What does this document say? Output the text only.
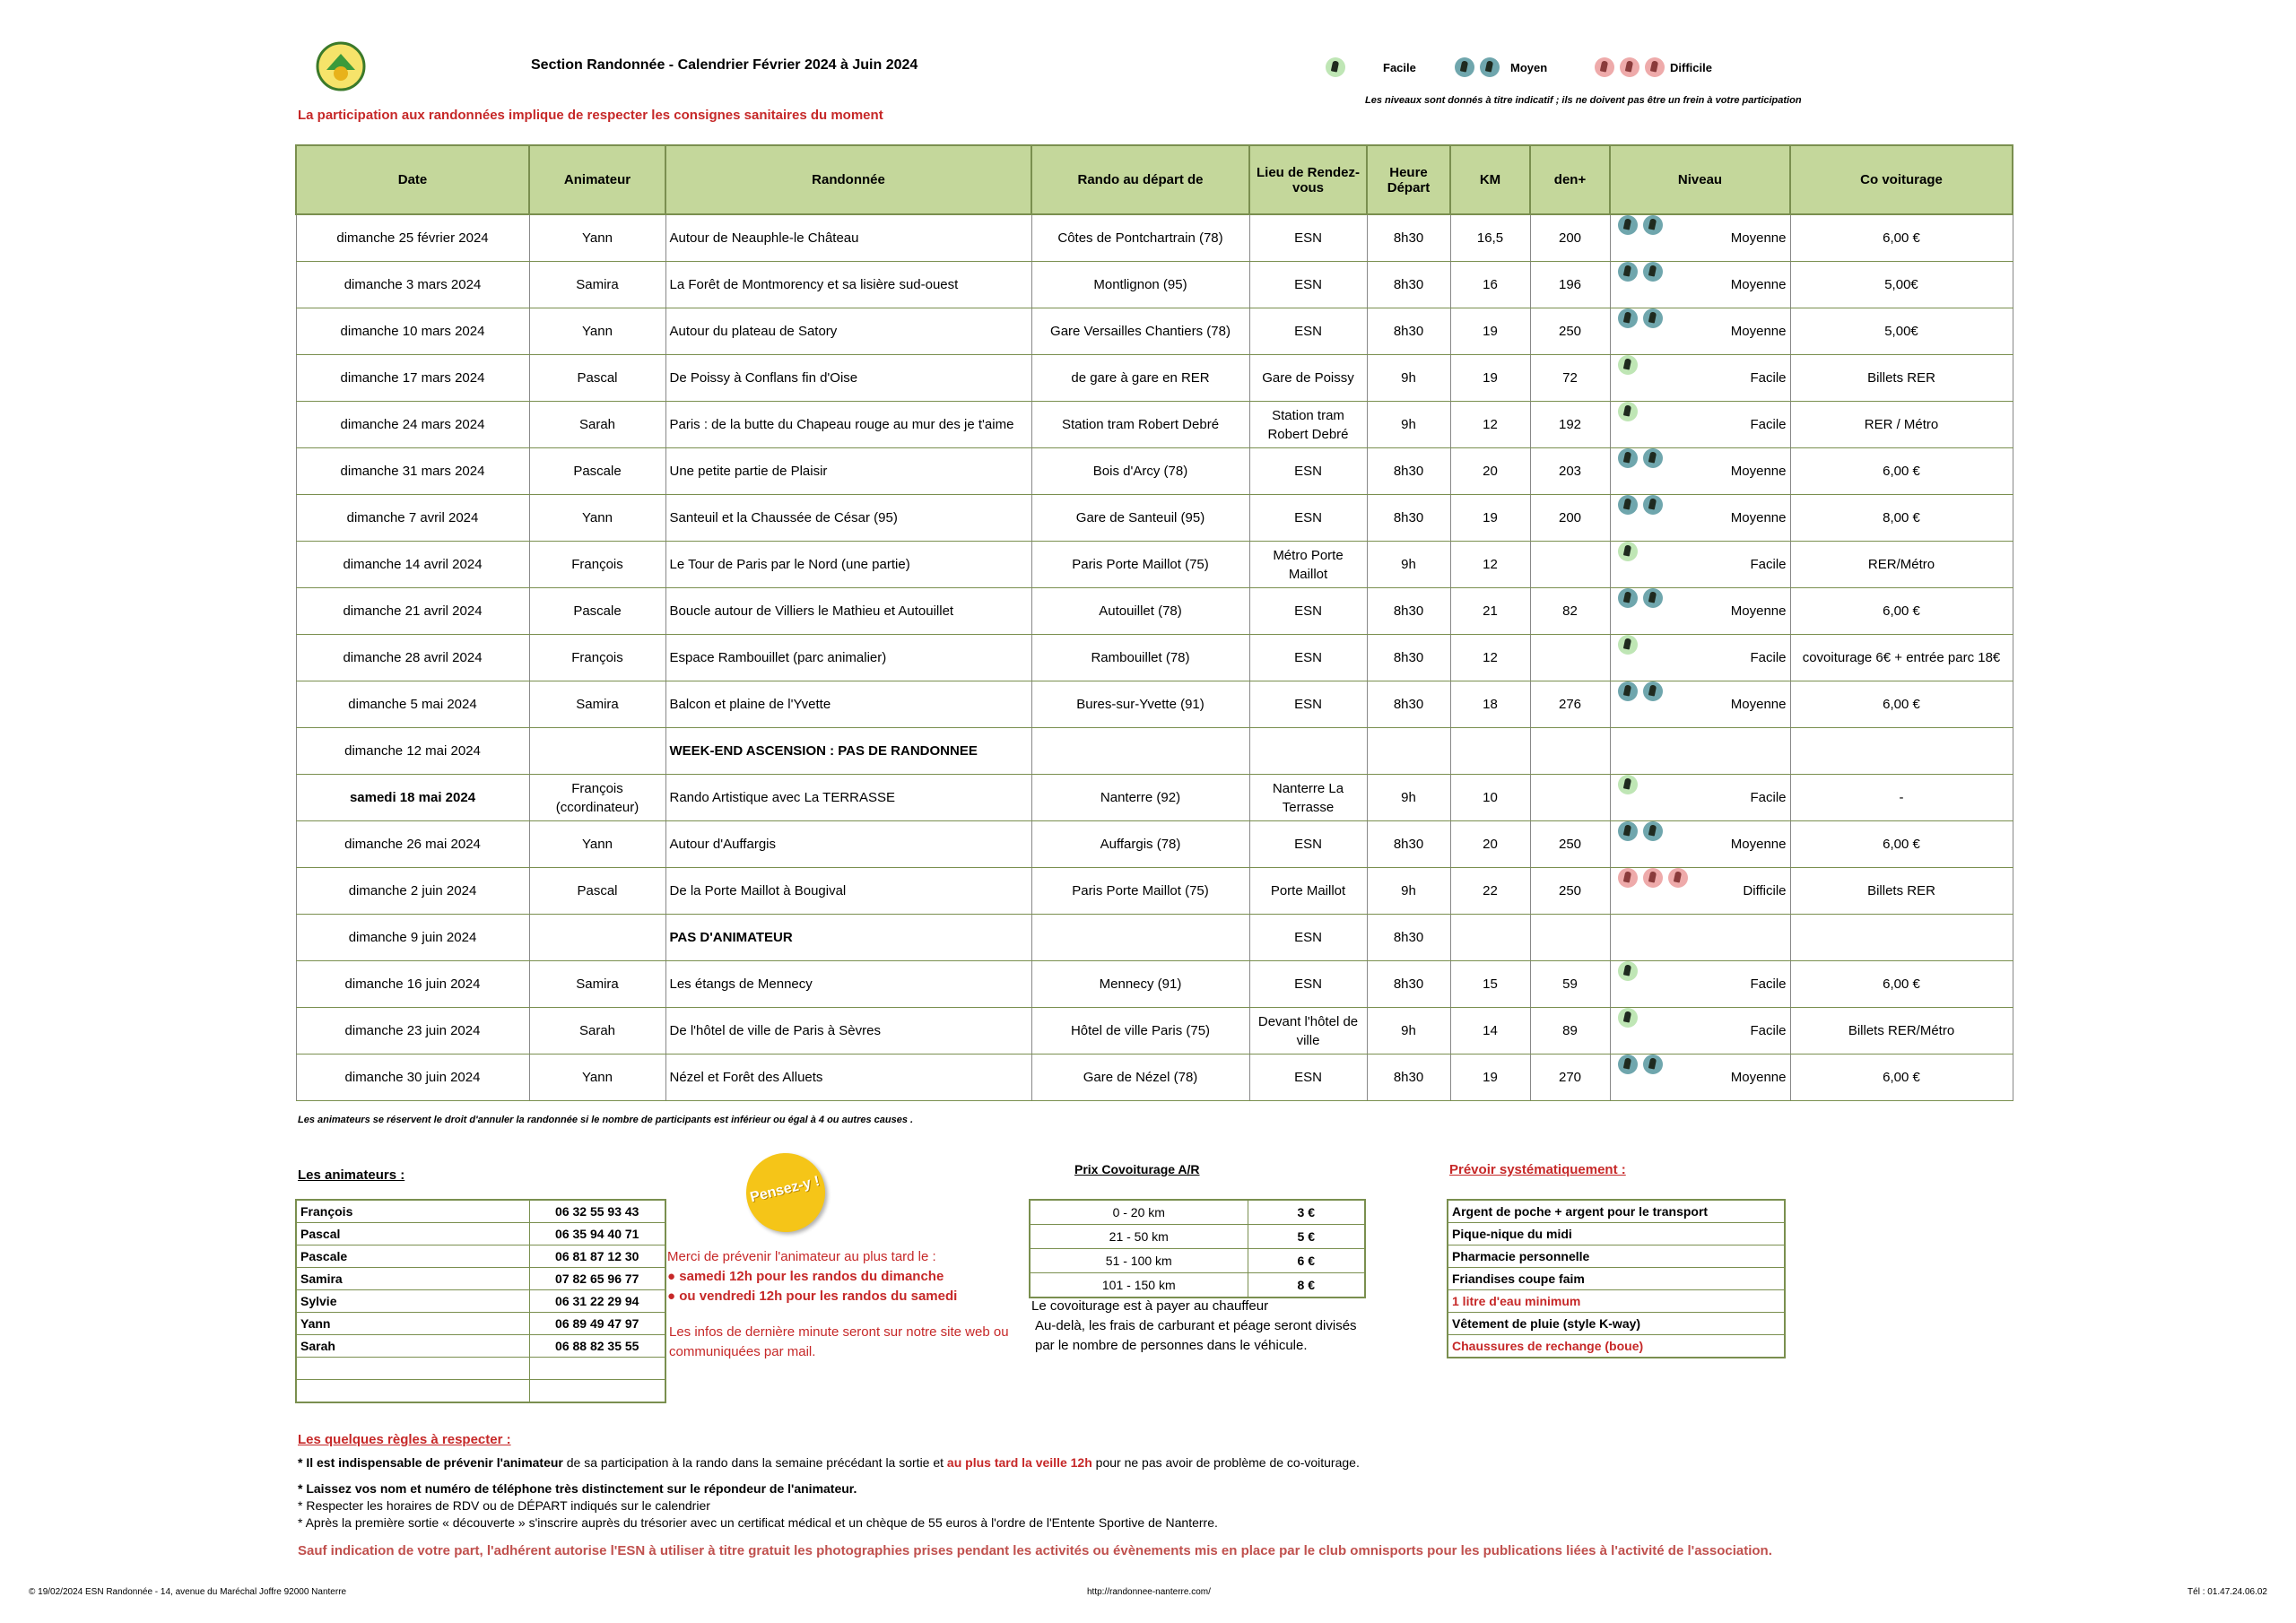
Section Randonnée - Calendrier Février 2024 à Juin 2024
La participation aux randonnées implique de respecter les consignes sanitaires du moment
Facile	Moyen	Difficile
Les niveaux sont donnés à titre indicatif ; ils ne doivent pas être un frein à votre participation
Date	Animateur	Randonnée	Rando au départ de	Lieu de Rendez-vous	Heure Départ	KM	den+	Niveau	Co voiturage
dimanche 25 février 2024	Yann	Autour de Neauphle-le Château	Côtes de Pontchartrain (78)	ESN	8h30	16,5	200	Moyenne	6,00 €
dimanche 3 mars 2024	Samira	La Forêt de Montmorency et sa lisière sud-ouest	Montlignon (95)	ESN	8h30	16	196	Moyenne	5,00€
dimanche 10 mars 2024	Yann	Autour du plateau de Satory	Gare Versailles Chantiers (78)	ESN	8h30	19	250	Moyenne	5,00€
dimanche 17 mars 2024	Pascal	De Poissy à Conflans fin d'Oise	de gare à gare en RER	Gare de Poissy	9h	19	72	Facile	Billets RER
dimanche 24 mars 2024	Sarah	Paris : de la butte du Chapeau rouge au mur des je t'aime	Station tram Robert Debré	Station tram Robert Debré	9h	12	192	Facile	RER / Métro
dimanche 31 mars 2024	Pascale	Une petite partie de Plaisir	Bois d'Arcy (78)	ESN	8h30	20	203	Moyenne	6,00 €
dimanche 7 avril 2024	Yann	Santeuil et la Chaussée de César (95)	Gare de Santeuil (95)	ESN	8h30	19	200	Moyenne	8,00 €
dimanche 14 avril 2024	François	Le Tour de Paris par le Nord (une partie)	Paris Porte Maillot (75)	Métro Porte Maillot	9h	12		Facile	RER/Métro
dimanche 21 avril 2024	Pascale	Boucle autour de Villiers le Mathieu et Autouillet	Autouillet (78)	ESN	8h30	21	82	Moyenne	6,00 €
dimanche 28 avril 2024	François	Espace Rambouillet (parc animalier)	Rambouillet (78)	ESN	8h30	12		Facile	covoiturage 6€ + entrée parc 18€
dimanche 5 mai 2024	Samira	Balcon et plaine de l'Yvette	Bures-sur-Yvette (91)	ESN	8h30	18	276	Moyenne	6,00 €
dimanche 12 mai 2024		WEEK-END ASCENSION : PAS DE RANDONNEE						

samedi 18 mai 2024	François (ccordinateur)	Rando Artistique avec La TERRASSE	Nanterre (92)	Nanterre La Terrasse	9h	10		Facile	-
dimanche 26 mai 2024	Yann	Autour d'Auffargis	Auffargis (78)	ESN	8h30	20	250	Moyenne	6,00 €
dimanche 2 juin 2024	Pascal	De la Porte Maillot à Bougival	Paris Porte Maillot (75)	Porte Maillot	9h	22	250	Difficile	Billets RER
dimanche 9 juin 2024		PAS D'ANIMATEUR		ESN	8h30			

dimanche 16 juin 2024	Samira	Les étangs de Mennecy	Mennecy (91)	ESN	8h30	15	59	Facile	6,00 €
dimanche 23 juin 2024	Sarah	De l'hôtel de ville de Paris à Sèvres	Hôtel de ville Paris (75)	Devant l'hôtel de ville	9h	14	89	Facile	Billets RER/Métro
dimanche 30 juin 2024	Yann	Nézel et Forêt des Alluets	Gare de Nézel (78)	ESN	8h30	19	270	Moyenne	6,00 €
Les animateurs se réservent le droit d'annuler la randonnée si le nombre de participants est inférieur ou égal à 4 ou autres causes .
Les animateurs :
François	06 32 55 93 43
Pascal	06 35 94 40 71
Pascale	06 81 87 12 30
Samira	07 82 65 96 77
Sylvie	06 31 22 29 94
Yann	06 89 49 47 97
Sarah	06 88 82 35 55

Pensez-y !
Merci de prévenir l'animateur au plus tard le :
● samedi 12h pour les randos du dimanche
● ou vendredi 12h pour les randos du samedi
Les infos de dernière minute seront sur notre site web ou communiquées par mail.
Prix Covoiturage A/R
0 - 20 km	3 €
21 - 50 km	5 €
51 - 100 km	6 €
101 - 150 km	8 €
Le covoiturage est à payer au chauffeur
Au-delà, les frais de carburant et péage seront divisés par le nombre de personnes dans le véhicule.
Prévoir systématiquement :
Argent de poche + argent pour le transport
Pique-nique du midi
Pharmacie personnelle
Friandises coupe faim
1 litre d'eau minimum
Vêtement de pluie (style K-way)
Chaussures de rechange (boue)
Les quelques règles à respecter :

* Il est indispensable de prévenir l'animateur de sa participation à la rando dans la semaine précédant la sortie et au plus tard la veille 12h pour ne pas avoir de problème de co-voiturage.

* Laissez vos nom et numéro de téléphone très distinctement sur le répondeur de l'animateur.

* Respecter les horaires de RDV ou de DÉPART indiqués sur le calendrier

* Après la première sortie « découverte » s'inscrire auprès du trésorier avec un certificat médical et un chèque de 55 euros à l'ordre de l'Entente Sportive de Nanterre.

Sauf indication de votre part, l'adhérent autorise l'ESN à utiliser à titre gratuit les photographies prises pendant les activités ou évènements mis en place par le club omnisports pour les publications liées à l'activité de l'association.
© 19/02/2024 ESN Randonnée - 14, avenue du Maréchal Joffre 92000 Nanterre	http://randonnee-nanterre.com/	Tél : 01.47.24.06.02
